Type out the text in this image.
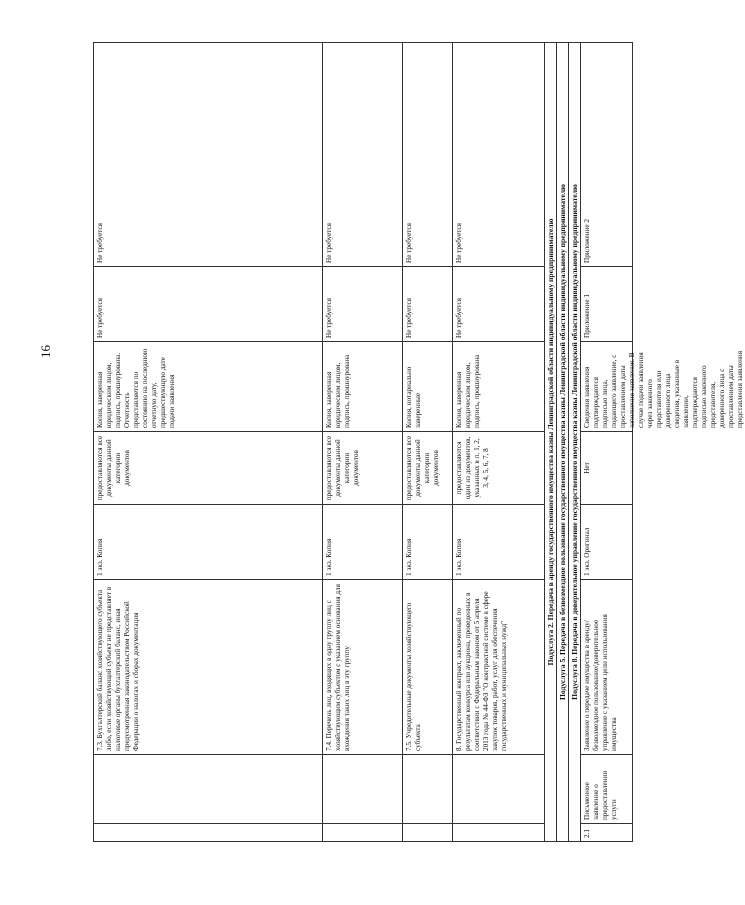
16
7.3. Бухгалтерский баланс хозяйствующего субъекта либо, если хозяйствующий субъект не представляет в налоговые органы бухгалтерский баланс, иная предусмотренная законодательством Российской Федерации о налогах и сборах документация
1 экз. Копия
предоставляются все документы данной категории документов
Копия, заверенная юридическим лицом, подпись, прошнурована. Отчетность представляется по состоянию на последнюю отчетную дату, предшествующую дате подачи заявления
Не требуется
Не требуется
7.4. Перечень лиц, входящих в одну группу лиц с хозяйствующим субъектом с указанием основания для вхождения таких лиц в эту группу
1 экз. Копия
предоставляются все документы данной категории документов
Копия, заверенная юридическим лицом, подпись, прошнурована
Не требуется
Не требуется
7.5. Учредительные документы хозяйствующего субъекта
1 экз. Копия
предоставляются все документы данной категории документов
Копия, нотариально заверенные
Не требуется
Не требуется
8. Государственный контракт, заключенный по результатам конкурса или аукциона, проведенных в соответствии с Федеральным законом от 5 апреля 2013 года № 44-ФЗ "О контрактной системе в сфере закупок товаров, работ, услуг для обеспечения государственных и муниципальных нужд"
1 экз. Копия
предоставляются один из документов, указанных в п. 1, 2, 3, 4, 5, 6, 7, 8
Копия, заверенная юридическим лицом, подпись, прошнурована
Не требуется
Не требуется	Подуслуга 2. Передача в аренду государственного имущества казны Ленинградской области индивидуальному предпринимателю Подуслуга 5. Передача в безвозмездное пользование государственного имущества казны Ленинградской области индивидуальному предпринимателю Подуслуга 8. Передача в доверительное управление государственного имущества казны Ленинградской области индивидуальному предпринимателю
2.1
Письменное заявление о предоставлении услуги
Заявление о передаче имущества в аренду/безвозмездное пользование/доверительное управление с указанием цели использования имущества
1 экз. Оригинал
Нет
Сведения заявления подтверждаются подписью лица, подающего заявление, с проставлением даты заполнения заявления. В случае подачи заявления через законного представителя или доверенного лица сведения, указанные в заявлении, подтверждаются подписью законного представителя, доверенного лица с проставлением даты представления заявления
Приложение 1
Приложение 2
